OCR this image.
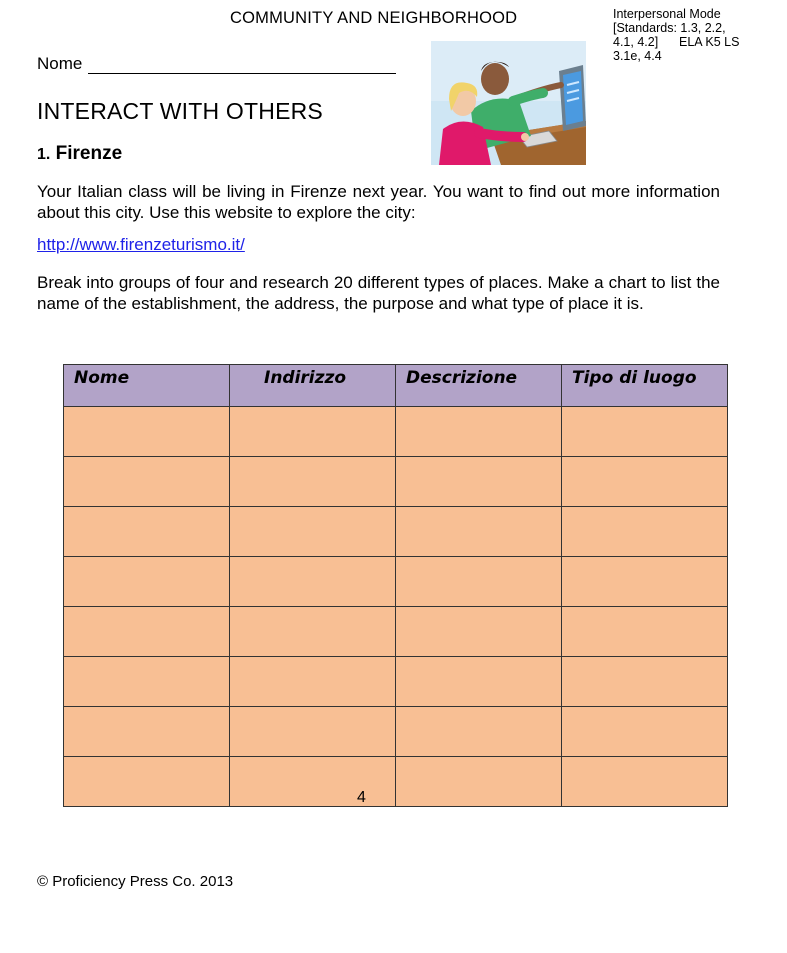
COMMUNITY AND NEIGHBORHOOD	Interpersonal Mode
[Standards: 1.3, 2.2,
4.1, 4.2]      ELA K5 LS
3.1e, 4.4
Nome
INTERACT WITH OTHERS
1. Firenze
Your Italian class will be living in Firenze next year. You want to find out more information about this city. Use this website to explore the city:
http://www.firenzeturismo.it/
Break into groups of four and research 20 different types of places. Make a chart to list the name of the establishment, the address, the purpose and what type of place it is.
Nome	Indirizzo	Descrizione	Tipo di luogo

4
© Proficiency Press Co. 2013
